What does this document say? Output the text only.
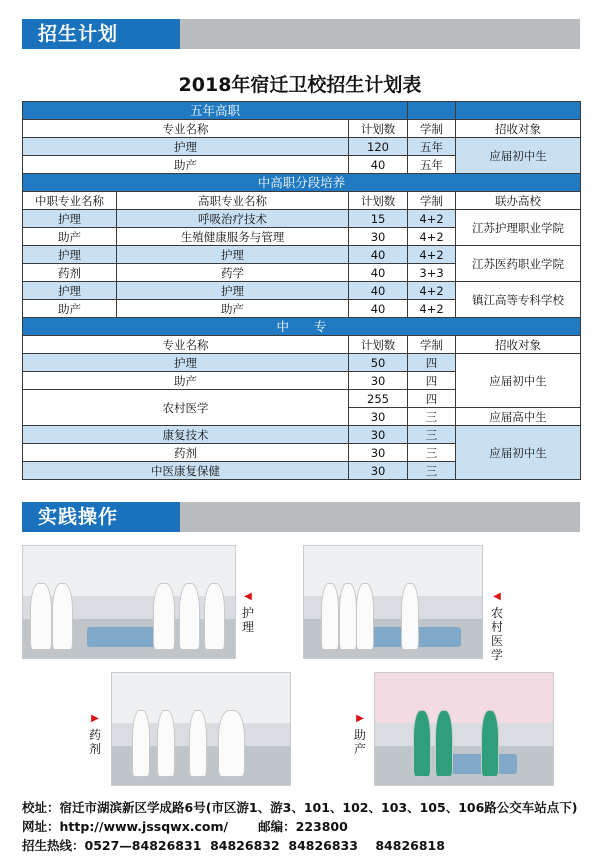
招生计划
2018年宿迁卫校招生计划表
五年高职				
专业名称		计划数	学制	招收对象
护理		120	五年	应届初中生
助产		40	五年	
中高职分段培养				
中职专业名称	高职专业名称	计划数	学制	联办高校
护理	呼吸治疗技术	15	4+2	江苏护理职业学院
助产	生殖健康服务与管理	30	4+2	
护理	护理	40	4+2	江苏医药职业学院
药剂	药学	40	3+3	
护理	护理	40	4+2	镇江高等专科学校
助产	助产	40	4+2	
中　　专				
专业名称		计划数	学制	招收对象
护理		50	四	应届初中生
助产		30	四	
农村医学		255	四	
		30	三	应届高中生
康复技术		30	三	应届初中生
药剂		30	三	
中医康复保健		30	三	
实践操作
◀
护理
◀
农村医学
▶
药剂
▶
助产
校址：宿迁市湖滨新区学成路6号(市区游1、游3、101、102、103、105、106路公交车站点下)
网址：http://www.jssqwx.com/ 邮编：223800
招生热线：0527—84826831  84826832  84826833    84826818
